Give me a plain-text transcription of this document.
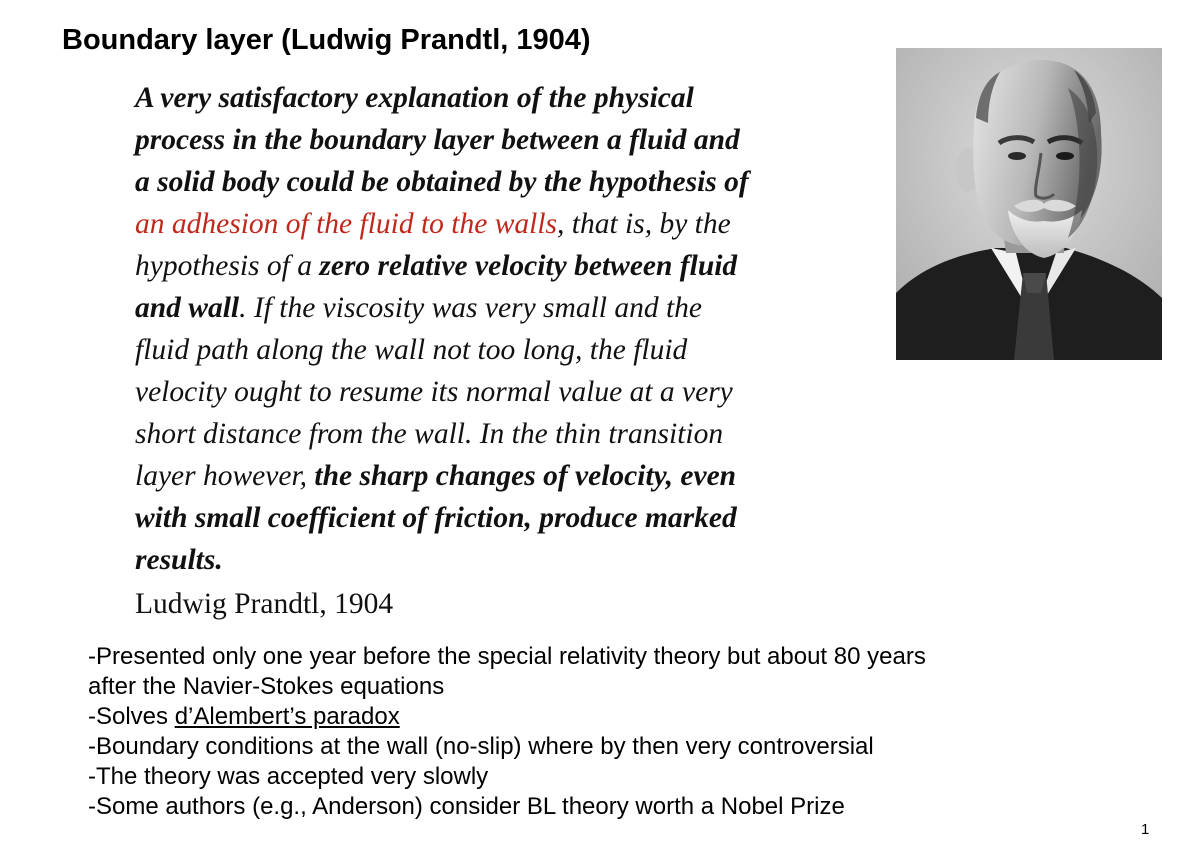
Boundary layer (Ludwig Prandtl, 1904)
A very satisfactory explanation of the physical
process in the boundary layer between a fluid and
a solid body could be obtained by the hypothesis of
an adhesion of the fluid to the walls, that is, by the
hypothesis of a zero relative velocity between fluid
and wall. If the viscosity was very small and the
fluid path along the wall not too long, the fluid
velocity ought to resume its normal value at a very
short distance from the wall. In the thin transition
layer however, the sharp changes of velocity, even
with small coefficient of friction, produce marked
results.
Ludwig Prandtl, 1904
-Presented only one year before the special relativity theory but about 80 years
after the Navier-Stokes equations
-Solves d’Alembert’s paradox
-Boundary conditions at the wall (no-slip) where by then very controversial
-The theory was accepted very slowly
-Some authors (e.g., Anderson) consider BL theory worth a Nobel Prize
1
